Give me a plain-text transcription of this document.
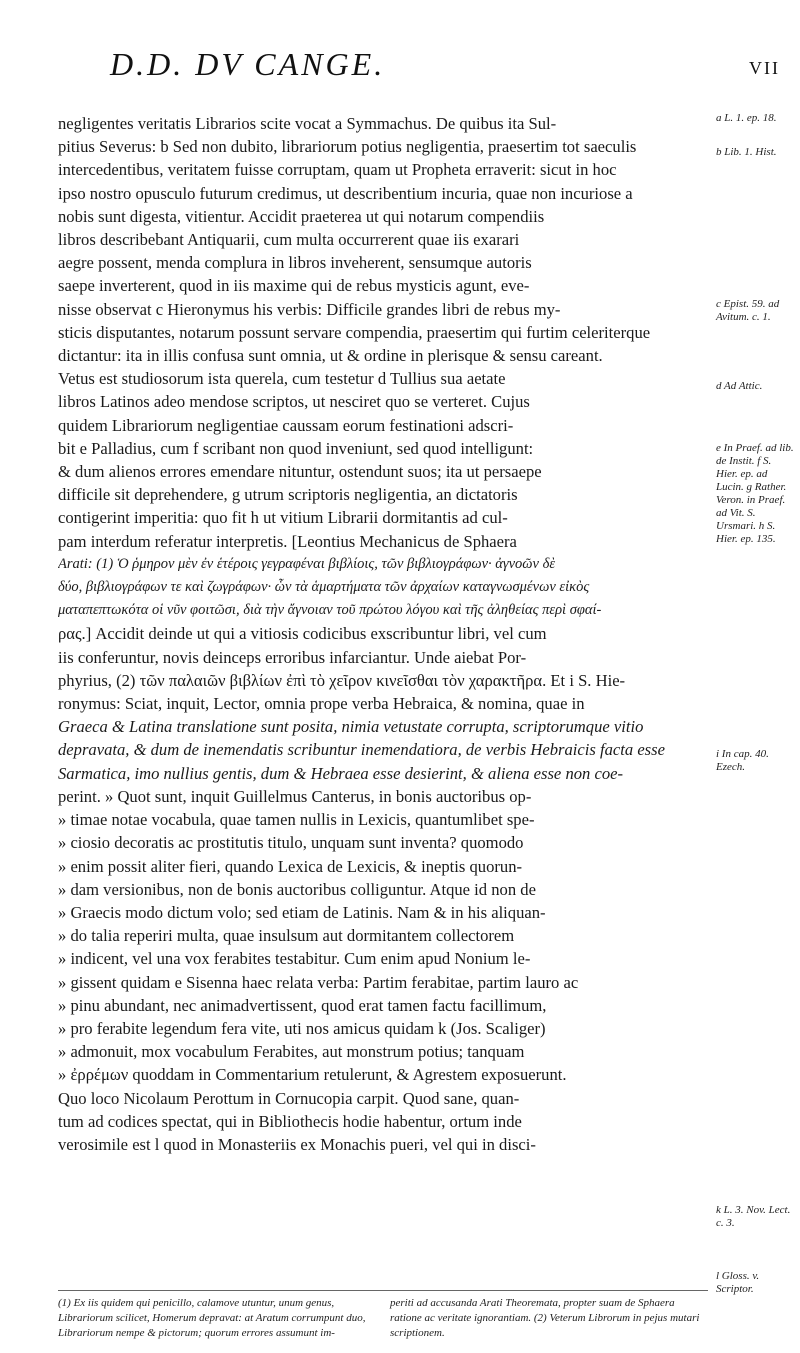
D.D. DV CANGE.	VII

negligentes veritatis Librarios scite vocat a Symmachus. De quibus ita Sul-
pitius Severus: b Sed non dubito, librariorum potius negligentia, praesertim tot saeculis
intercedentibus, veritatem fuisse corruptam, quam ut Propheta erraverit: sicut in hoc
ipso nostro opusculo futurum credimus, ut describentium incuria, quae non incuriose a
nobis sunt digesta, vitientur. Accidit praeterea ut qui notarum compendiis
libros describebant Antiquarii, cum multa occurrerent quae iis exarari
aegre possent, menda complura in libros inveherent, sensumque autoris
saepe inverterent, quod in iis maxime qui de rebus mysticis agunt, eve-
nisse observat c Hieronymus his verbis: Difficile grandes libri de rebus my-
sticis disputantes, notarum possunt servare compendia, praesertim qui furtim celeriterque
dictantur: ita in illis confusa sunt omnia, ut & ordine in plerisque & sensu careant.
Vetus est studiosorum ista querela, cum testetur d Tullius sua aetate
libros Latinos adeo mendose scriptos, ut nesciret quo se verteret. Cujus
quidem Librariorum negligentiae caussam eorum festinationi adscri-
bit e Palladius, cum f scribant non quod inveniunt, sed quod intelligunt:
& dum alienos errores emendare nituntur, ostendunt suos; ita ut persaepe
difficile sit deprehendere, g utrum scriptoris negligentia, an dictatoris
contigerint imperitia: quo fit h ut vitium Librarii dormitantis ad cul-
pam interdum referatur interpretis. [Leontius Mechanicus de Sphaera
Arati: (1) Ὁ ῥμηρον μὲν ἐν ἑτέροις γεγραφέναι βιβλίοις, τῶν βιβλιογράφων· ἀγνοῶν δὲ
δύο, βιβλιογράφων τε καὶ ζωγράφων· ὧν τὰ ἁμαρτήματα τῶν ἀρχαίων καταγνωσμένων εἰκὸς
ματαπεπτωκότα οἱ νῦν φοιτῶσι, διὰ τὴν ἄγνοιαν τοῦ πρώτου λόγου καὶ τῆς ἀληθείας περὶ σφαί-
ρας.] Accidit deinde ut qui a vitiosis codicibus exscribuntur libri, vel cum
iis conferuntur, novis deinceps erroribus infarciantur. Unde aiebat Por-
phyrius, (2) τῶν παλαιῶν βιβλίων ἐπὶ τὸ χεῖρον κινεῖσθαι τὸν χαρακτῆρα. Et i S. Hie-
ronymus: Sciat, inquit, Lector, omnia prope verba Hebraica, & nomina, quae in
Graeca & Latina translatione sunt posita, nimia vetustate corrupta, scriptorumque vitio
depravata, & dum de inemendatis scribuntur inemendatiora, de verbis Hebraicis facta esse
Sarmatica, imo nullius gentis, dum & Hebraea esse desierint, & aliena esse non coe-
perint. » Quot sunt, inquit Guillelmus Canterus, in bonis auctoribus op-
» timae notae vocabula, quae tamen nullis in Lexicis, quantumlibet spe-
» ciosio decoratis ac prostitutis titulo, unquam sunt inventa? quomodo
» enim possit aliter fieri, quando Lexica de Lexicis, & ineptis quorun-
» dam versionibus, non de bonis auctoribus colliguntur. Atque id non de
» Graecis modo dictum volo; sed etiam de Latinis. Nam & in his aliquan-
» do talia reperiri multa, quae insulsum aut dormitantem collectorem
» indicent, vel una vox ferabites testabitur. Cum enim apud Nonium le-
» gissent quidam e Sisenna haec relata verba: Partim ferabitae, partim lauro ac
» pinu abundant, nec animadvertissent, quod erat tamen factu facillimum,
» pro ferabite legendum fera vite, uti nos amicus quidam k (Jos. Scaliger)
» admonuit, mox vocabulum Ferabites, aut monstrum potius; tanquam
» ἐρρέμων quoddam in Commentarium retulerunt, & Agrestem exposuerunt.
Quo loco Nicolaum Perottum in Cornucopia carpit. Quod sane, quan-
tum ad codices spectat, qui in Bibliothecis hodie habentur, ortum inde
verosimile est l quod in Monasteriis ex Monachis pueri, vel qui in disci-

a L. 1. ep. 18.
b Lib. 1. Hist.
c Epist. 59. ad Avitum. c. 1.
d Ad Attic.
e In Praef. ad lib. de Instit. f S. Hier. ep. ad Lucin. g Rather. Veron. in Praef. ad Vit. S. Ursmari. h S. Hier. ep. 135.
i In cap. 40. Ezech.
k L. 3. Nov. Lect. c. 3.
l Gloss. v. Scriptor.
(1) Ex iis quidem qui penicillo, calamove utuntur, unum genus, Librariorum scilicet, Homerum depravat: at Aratum corrumpunt duo, Librariorum nempe & pictorum; quorum errores assumunt im-
periti ad accusanda Arati Theoremata, propter suam de Sphaera ratione ac veritate ignorantiam. (2) Veterum Librorum in pejus mutari scriptionem.
